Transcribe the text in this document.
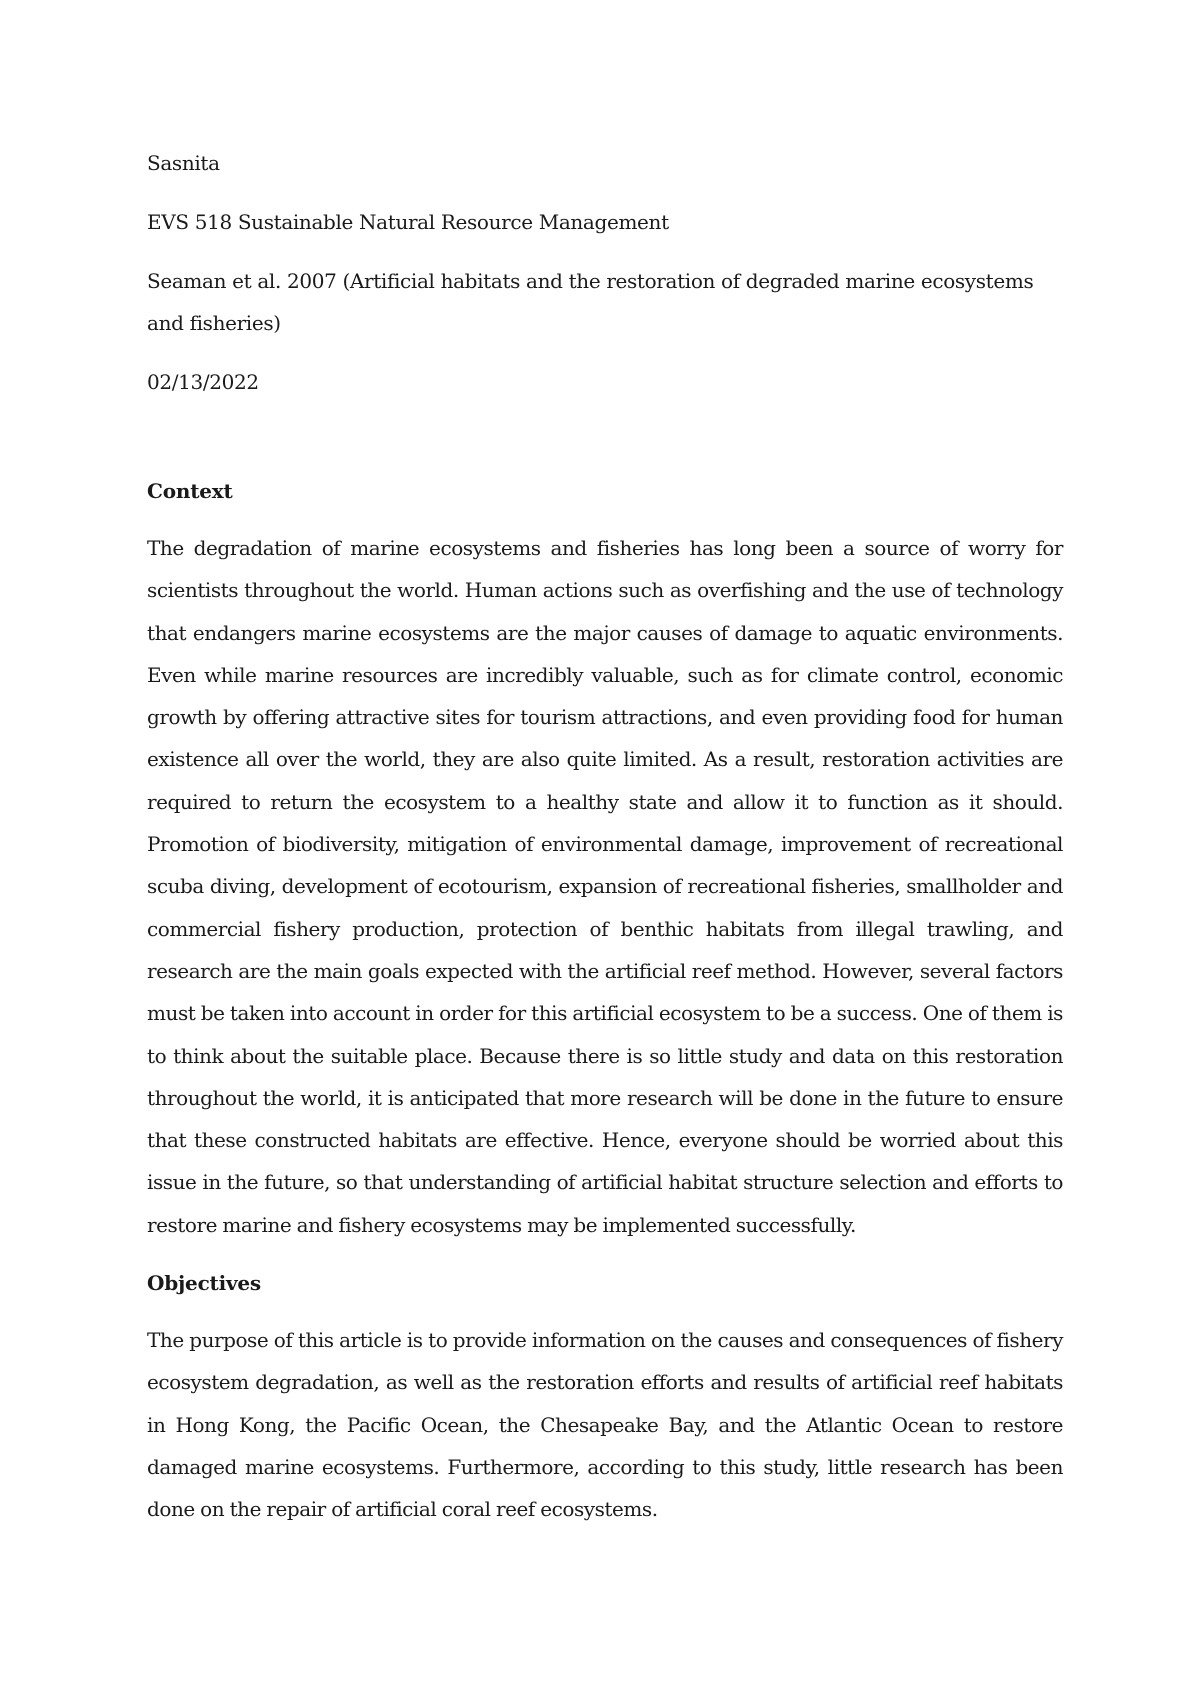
Sasnita
EVS 518 Sustainable Natural Resource Management
Seaman et al. 2007 (Artificial habitats and the restoration of degraded marine ecosystems and fisheries)
02/13/2022
Context

The degradation of marine ecosystems and fisheries has long been a source of worry for scientists throughout the world. Human actions such as overfishing and the use of technology that endangers marine ecosystems are the major causes of damage to aquatic environments. Even while marine resources are incredibly valuable, such as for climate control, economic growth by offering attractive sites for tourism attractions, and even providing food for human existence all over the world, they are also quite limited. As a result, restoration activities are required to return the ecosystem to a healthy state and allow it to function as it should. Promotion of biodiversity, mitigation of environmental damage, improvement of recreational scuba diving, development of ecotourism, expansion of recreational fisheries, smallholder and commercial fishery production, protection of benthic habitats from illegal trawling, and research are the main goals expected with the artificial reef method. However, several factors must be taken into account in order for this artificial ecosystem to be a success. One of them is to think about the suitable place. Because there is so little study and data on this restoration throughout the world, it is anticipated that more research will be done in the future to ensure that these constructed habitats are effective. Hence, everyone should be worried about this issue in the future, so that understanding of artificial habitat structure selection and efforts to restore marine and fishery ecosystems may be implemented successfully.

Objectives

The purpose of this article is to provide information on the causes and consequences of fishery ecosystem degradation, as well as the restoration efforts and results of artificial reef habitats in Hong Kong, the Pacific Ocean, the Chesapeake Bay, and the Atlantic Ocean to restore damaged marine ecosystems. Furthermore, according to this study, little research has been done on the repair of artificial coral reef ecosystems.
